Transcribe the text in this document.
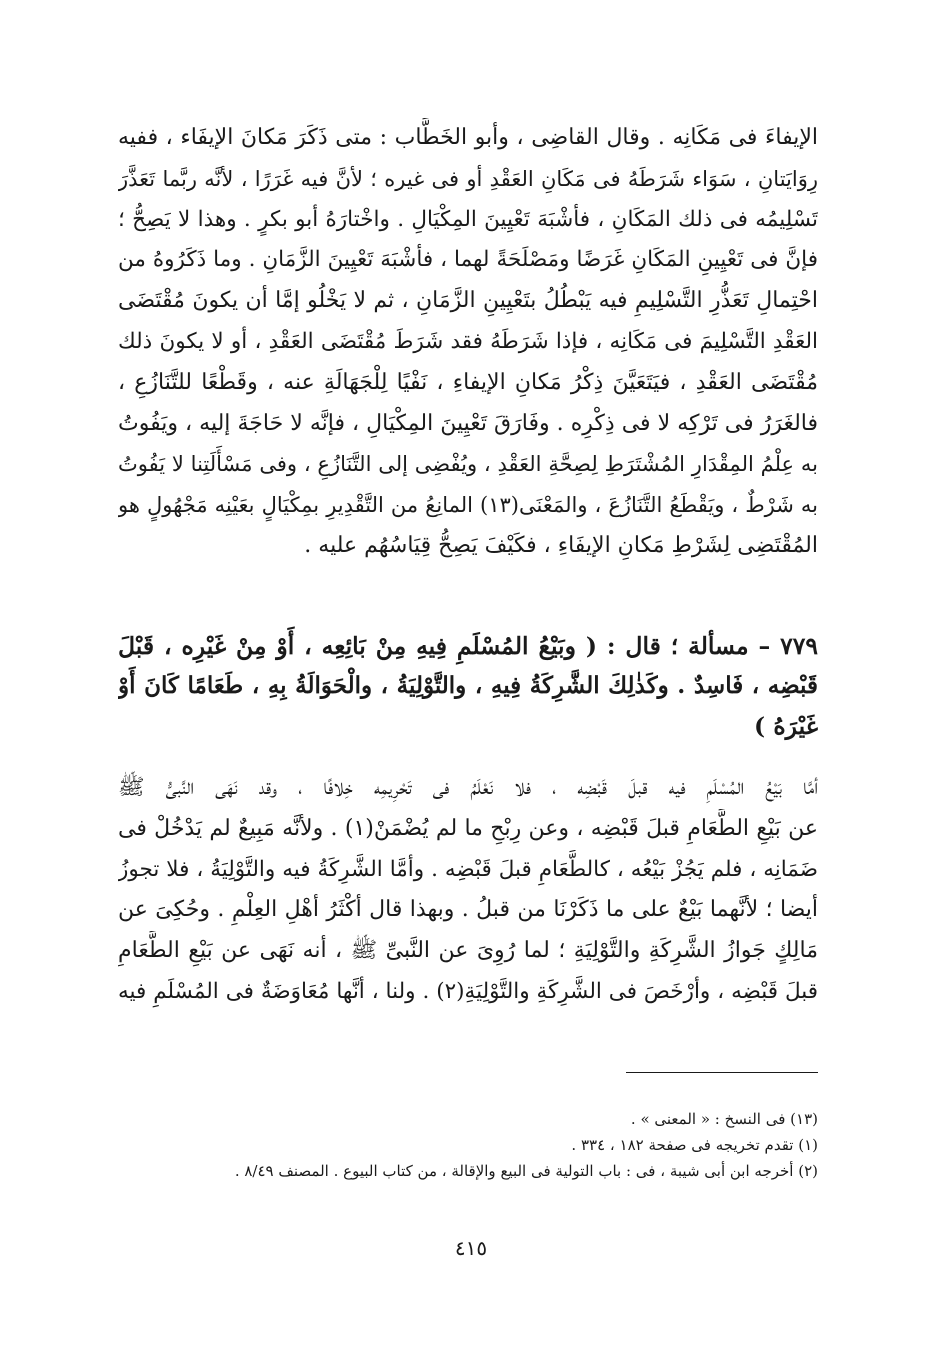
الإيفاءَ فى مَكَانِه . وقال القاضِى ، وأبو الخَطَّاب : متى ذَكَرَ مَكانَ الإيفَاء ، ففيه
رِوَايَتانِ ، سَوَاء شَرَطَهُ فى مَكَانِ العَقْدِ أو فى غيره ؛ لأنَّ فيه غَرَرًا ، لأنَّه ربَّما تَعَذَّرَ
تَسْلِيمُه فى ذلك المَكَانِ ، فأشْبَهَ تَعْيِينَ المِكْيَالِ . واخْتارَهُ أبو بكرٍ . وهذا لا يَصِحُّ ؛
فإنَّ فى تَعْيِينِ المَكَانِ غَرَضًا ومَصْلَحَةً لهما ، فأشْبَهَ تَعْيِينَ الزَّمَانِ . وما ذَكَرُوهُ من
احْتِمالِ تَعَذُّرِ التَّسْلِيمِ فيه يَبْطُلُ بتَعْيِينِ الزَّمَانِ ، ثم لا يَخْلُو إمَّا أن يكونَ مُقْتَضَى
العَقْدِ التَّسْلِيمَ فى مَكَانِه ، فإذا شَرَطَهُ فقد شَرَطَ مُقْتَضَى العَقْدِ ، أو لا يكونَ ذلك
مُقْتَضَى العَقْدِ ، فيَتَعَيَّنَ ذِكْرُ مَكانِ الإيفاءِ ، نَفْيًا لِلْجَهَالَةِ عنه ، وقَطْعًا للتَّنَازُعِ ،
فالغَرَرُ فى تَرْكِه لا فى ذِكْرِه . وفَارَقَ تَعْيِينَ المِكْيَالِ ، فإنَّه لا حَاجَةَ إليه ، ويَفُوتُ
به عِلْمُ المِقْدَارِ المُشْتَرَطِ لِصِحَّةِ العَقْدِ ، ويُفْضِى إلى التَّنَازُعِ ، وفى مَسْأَلَتِنا لا يَفُوتُ
به شَرْطٌ ، ويَقْطَعُ التَّنَازُعَ ، والمَعْنَى(١٣) المانِعُ من التَّقْدِيرِ بمِكْيَالٍ بعَيْنِه مَجْهُولٍ هو
المُقْتَضِى لِشَرْطِ مَكانِ الإيفَاءِ ، فكَيْفَ يَصِحُّ قِيَاسُهُم عليه .
٧٧٩ – مسألة ؛ قال : ( وبَيْعُ المُسْلَمِ فِيهِ مِنْ بَائِعِه ، أَوْ مِنْ غَيْرِه ، قَبْلَ
قَبْضِه ، فَاسِدٌ . وكَذٰلِكَ الشَّرِكَةُ فِيهِ ، والتَّوْلِيَةُ ، والْحَوَالَةُ بِهِ ، طَعَامًا كَانَ أَوْ
غَيْرَهُ )
أمَّا بَيْعُ المُسْلَمِ فيه قبلَ قَبْضِه ، فلا نَعْلَمُ فى تَحْرِيمِه خِلافًا ، وقد نَهَى النَّبىُّ ﷺ
عن بَيْعِ الطَّعَامِ قبلَ قَبْضِه ، وعن رِبْحِ ما لم يُضْمَنْ(١) . ولأنَّه مَبِيعٌ لم يَدْخُلْ فى
ضَمَانِه ، فلم يَجُزْ بَيْعُه ، كالطَّعَامِ قبلَ قَبْضِه . وأمَّا الشَّرِكَةُ فيه والتَّوْلِيَةُ ، فلا تجوزُ
أيضا ؛ لأنَّهما بَيْعٌ على ما ذَكَرْنَا من قبلُ . وبهذا قال أكْثَرُ أهْلِ العِلْمِ . وحُكِىَ عن
مَالِكٍ جَوازُ الشَّرِكَةِ والتَّوْلِيَةِ ؛ لما رُوِىَ عن النَّبىِّ ﷺ ، أنه نَهَى عن بَيْعِ الطَّعَامِ
قبلَ قَبْضِه ، وأرْخَصَ فى الشَّرِكَةِ والتَّوْلِيَةِ(٢) . ولنا ، أنَّها مُعَاوَضَةٌ فى المُسْلَمِ فيه
(١٣) فى النسخ : « المعنى » .
(١) تقدم تخريجه فى صفحة ١٨٢ ، ٣٣٤ .
(٢) أخرجه ابن أبى شيبة ، فى : باب التولية فى البيع والإقالة ، من كتاب البيوع . المصنف ٨/٤٩ .
٤١٥
